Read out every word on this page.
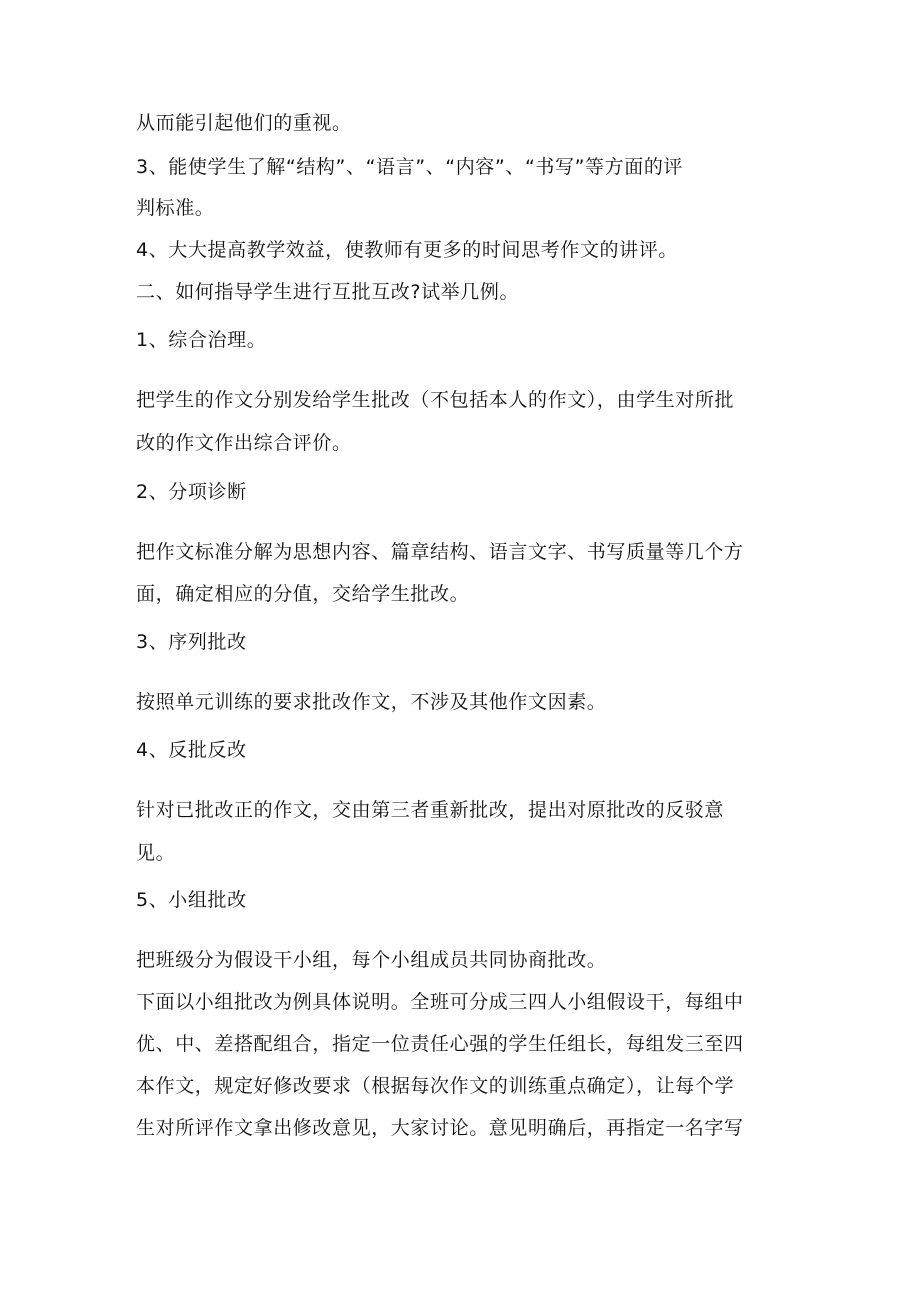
从而能引起他们的重视。
3、能使学生了解“结构”、“语言”、“内容”、“书写”等方面的评
判标准。
4、大大提高教学效益，使教师有更多的时间思考作文的讲评。
二、如何指导学生进行互批互改?试举几例。
1、综合治理。
把学生的作文分别发给学生批改（不包括本人的作文），由学生对所批
改的作文作出综合评价。
2、分项诊断
把作文标准分解为思想内容、篇章结构、语言文字、书写质量等几个方
面，确定相应的分值，交给学生批改。
3、序列批改
按照单元训练的要求批改作文，不涉及其他作文因素。
4、反批反改
针对已批改正的作文，交由第三者重新批改，提出对原批改的反驳意
见。
5、小组批改
把班级分为假设干小组，每个小组成员共同协商批改。
下面以小组批改为例具体说明。全班可分成三四人小组假设干，每组中
优、中、差搭配组合，指定一位责任心强的学生任组长，每组发三至四
本作文，规定好修改要求（根据每次作文的训练重点确定），让每个学
生对所评作文拿出修改意见，大家讨论。意见明确后，再指定一名字写
